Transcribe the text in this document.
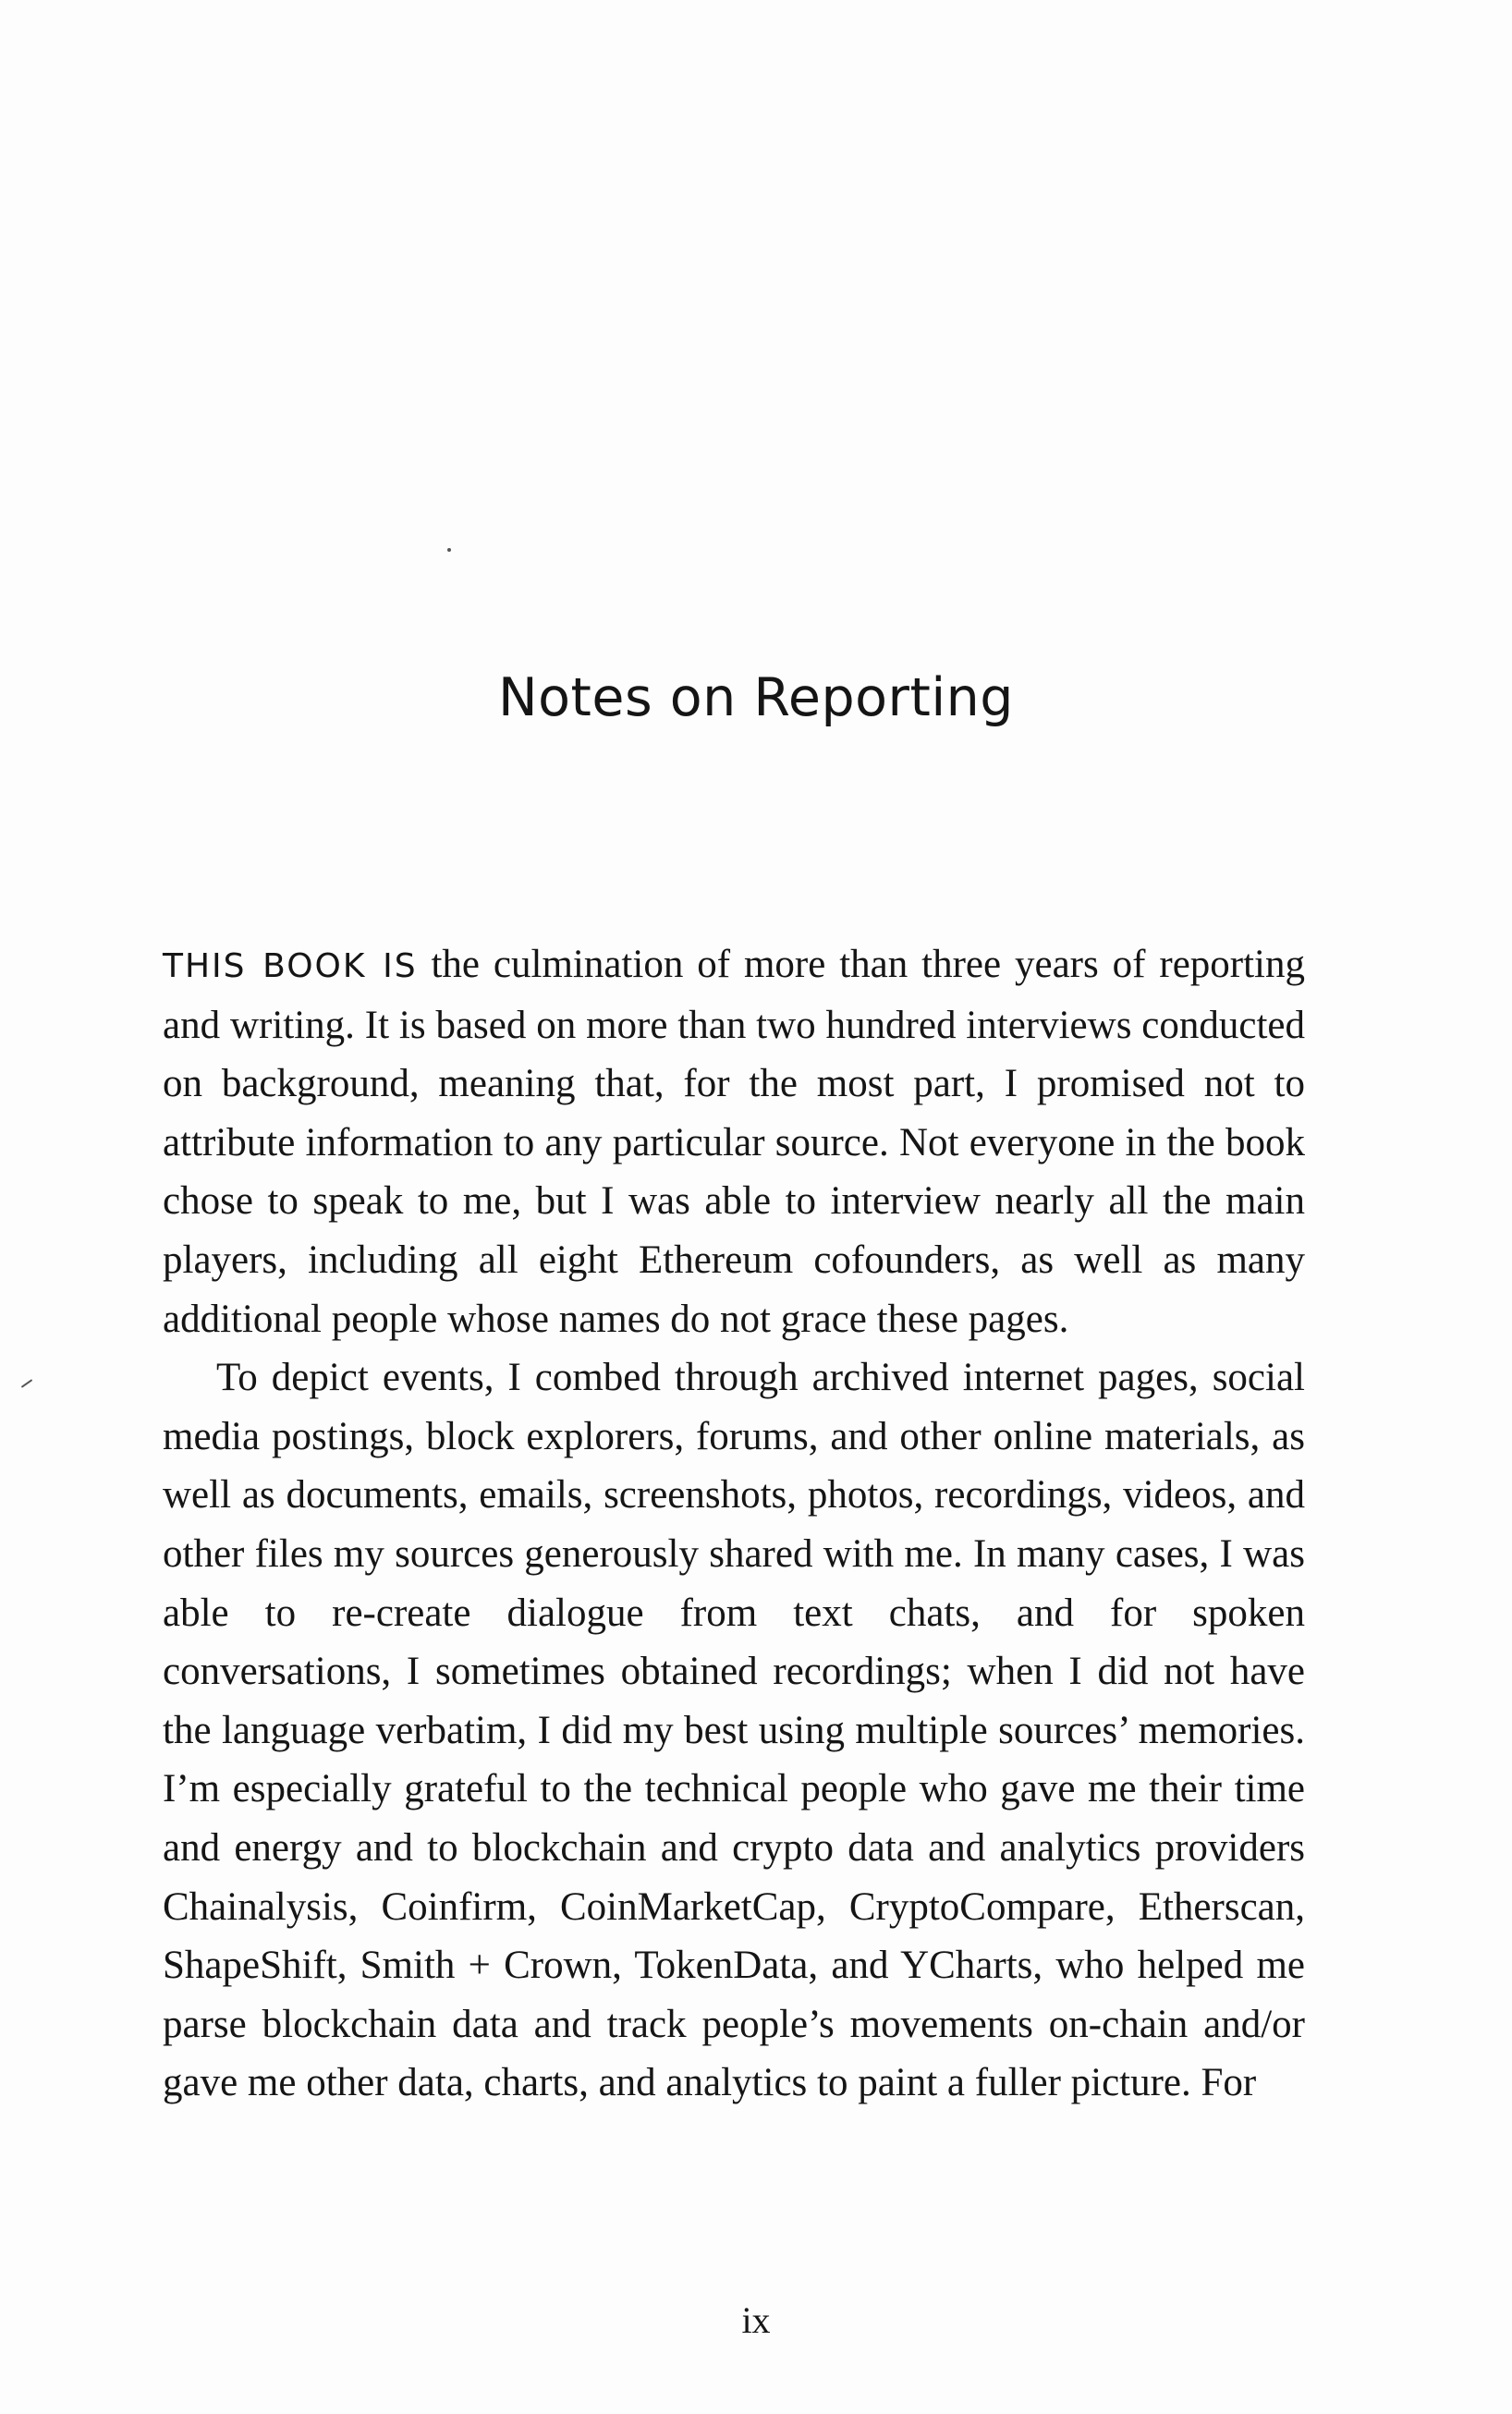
Notes on Reporting

THIS BOOK IS the culmination of more than three years of reporting and writing. It is based on more than two hundred interviews conducted on background, meaning that, for the most part, I promised not to attribute information to any particular source. Not everyone in the book chose to speak to me, but I was able to interview nearly all the main players, including all eight Ethereum cofounders, as well as many additional people whose names do not grace these pages.

To depict events, I combed through archived internet pages, social media postings, block explorers, forums, and other online materials, as well as documents, emails, screenshots, photos, recordings, videos, and other files my sources generously shared with me. In many cases, I was able to re-create dialogue from text chats, and for spoken conversations, I sometimes obtained recordings; when I did not have the language verbatim, I did my best using multiple sources’ memories. I’m especially grateful to the technical people who gave me their time and energy and to blockchain and crypto data and analytics providers Chainalysis, Coinfirm, CoinMarketCap, CryptoCompare, Etherscan, ShapeShift, Smith + Crown, TokenData, and YCharts, who helped me parse blockchain data and track people’s movements on-chain and/or gave me other data, charts, and analytics to paint a fuller picture. For

ix
